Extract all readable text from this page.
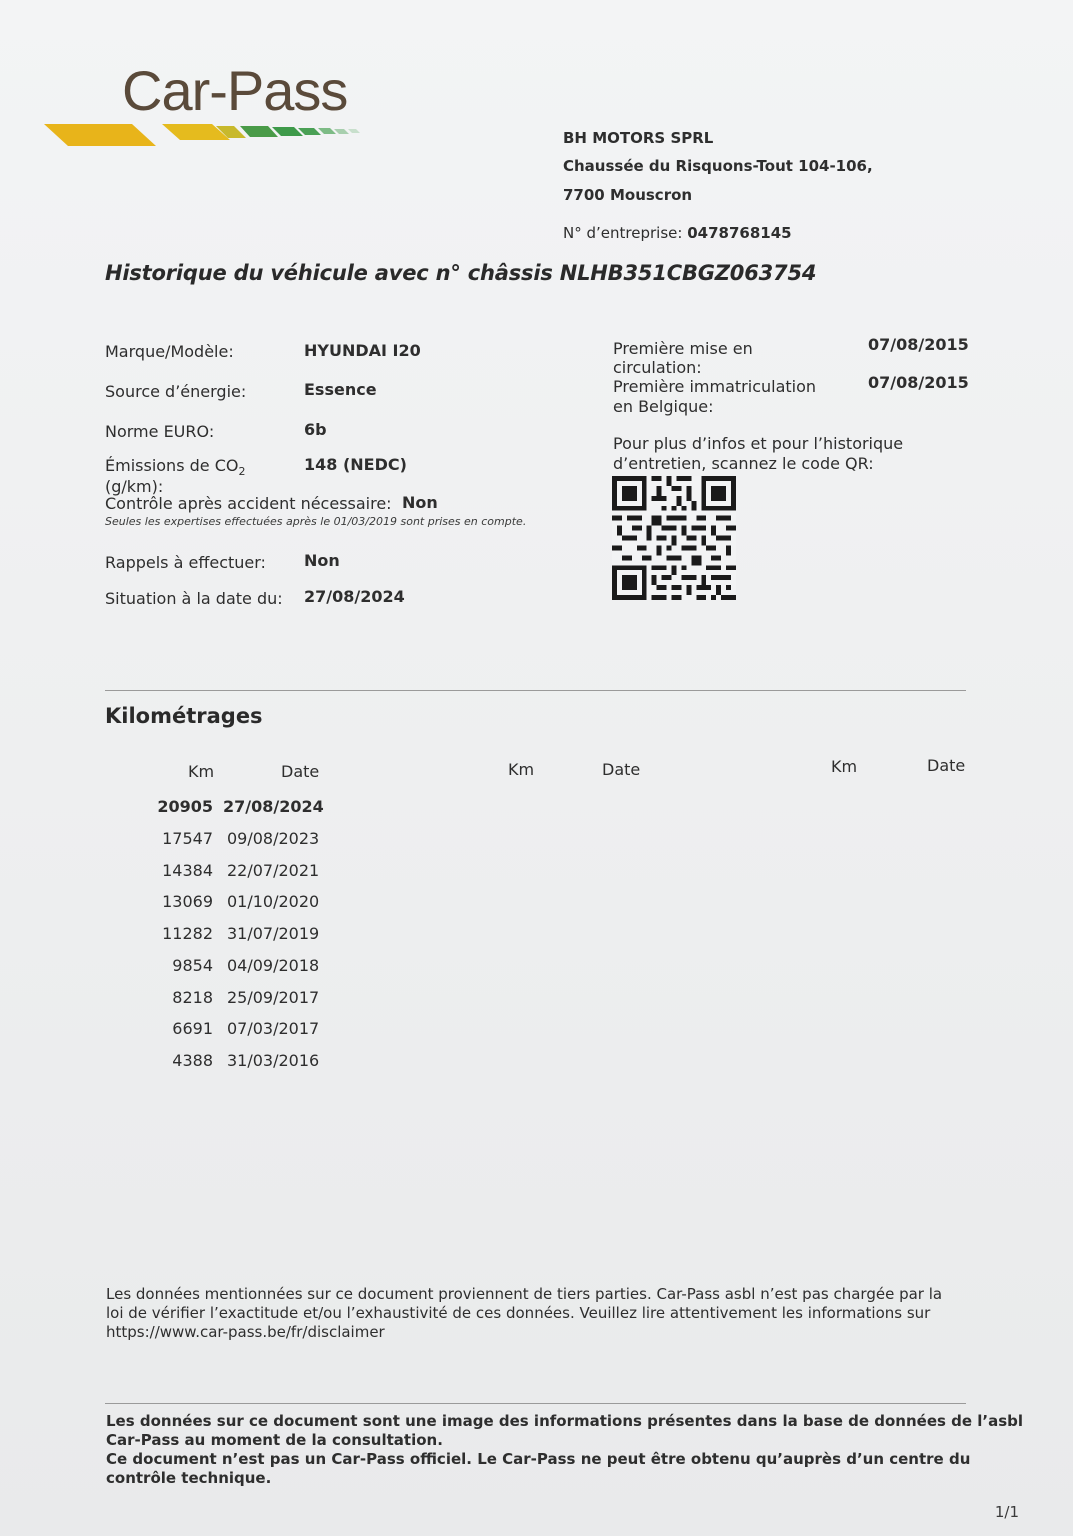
Car-Pass
BH MOTORS SPRL
Chaussée du Risquons-Tout 104-106,
7700 Mouscron
N° d’entreprise: 0478768145
Historique du véhicule avec n° châssis NLHB351CBGZ063754
Marque/Modèle:	HYUNDAI I20
Source d’énergie:	Essence
Norme EURO:	6b
Émissions de $CO_2$
(g/km):
148 (NEDC)
Contrôle après accident nécessaire: Non
Seules les expertises effectuées après le 01/03/2019 sont prises en compte.
Rappels à effectuer: Non
Situation à la date du: 27/08/2024
Première mise en
circulation:
07/08/2015
Première immatriculation
en Belgique:
07/08/2015
Pour plus d’infos et pour l’historique
d’entretien, scannez le code QR:
Kilométrages
Km	Date	Km	Date	Km	Date
20905 27/08/2024
17547 09/08/2023
14384 22/07/2021
13069 01/10/2020
11282 31/07/2019
9854 04/09/2018
8218 25/09/2017
6691 07/03/2017
4388 31/03/2016
Les données mentionnées sur ce document proviennent de tiers parties. Car-Pass asbl n’est pas chargée par la
loi de vérifier l’exactitude et/ou l’exhaustivité de ces données. Veuillez lire attentivement les informations sur
https://www.car-pass.be/fr/disclaimer
Les données sur ce document sont une image des informations présentes dans la base de données de l’asbl
Car-Pass au moment de la consultation.
Ce document n’est pas un Car-Pass officiel. Le Car-Pass ne peut être obtenu qu’auprès d’un centre du
contrôle technique.
1/1
